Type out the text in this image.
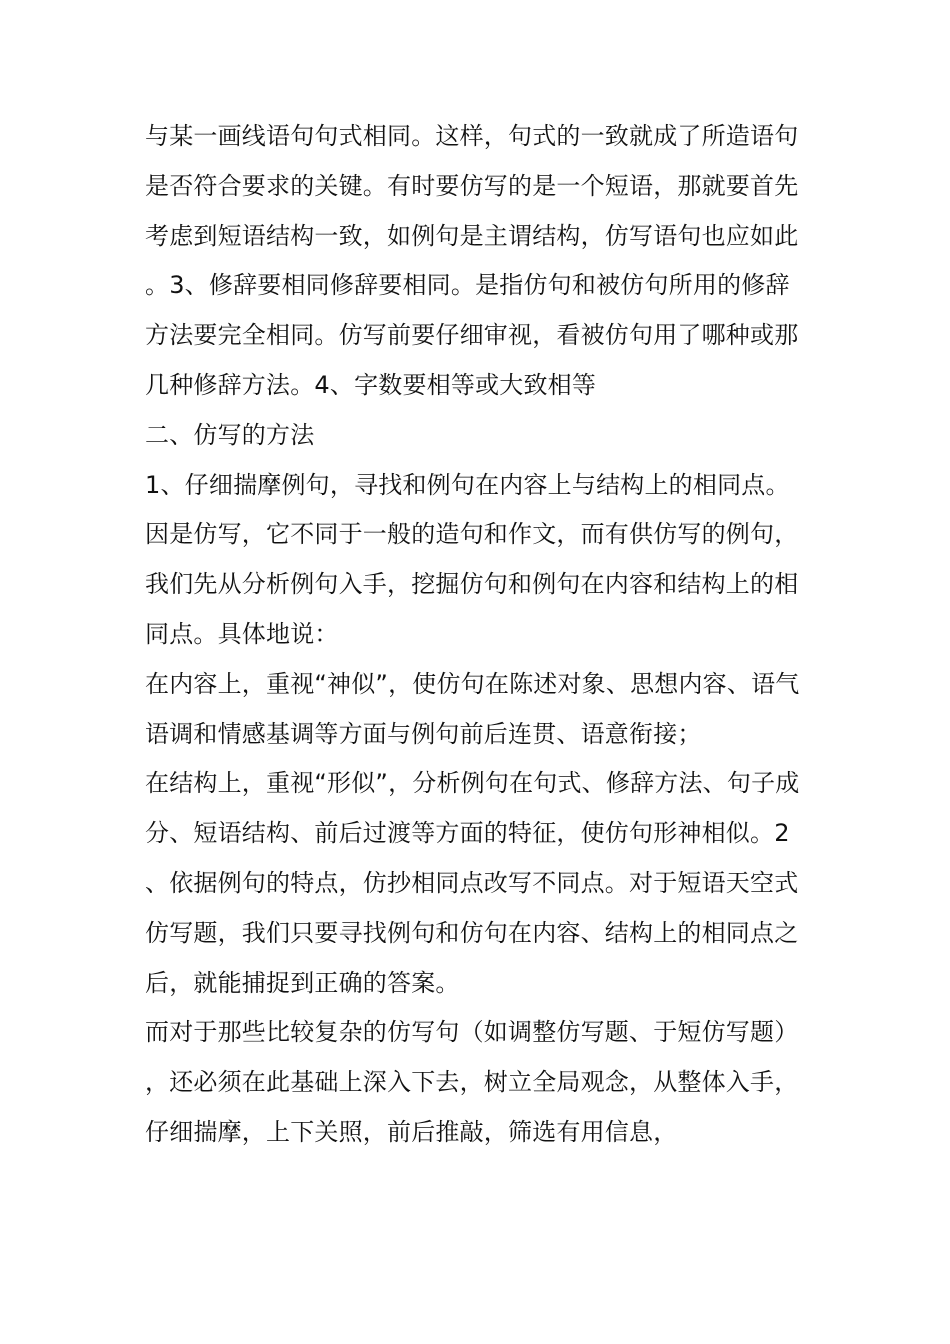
与某一画线语句句式相同。这样，句式的一致就成了所造语句是否符合要求的关键。有时要仿写的是一个短语，那就要首先考虑到短语结构一致，如例句是主谓结构，仿写语句也应如此。3、修辞要相同修辞要相同。是指仿句和被仿句所用的修辞方法要完全相同。仿写前要仔细审视，看被仿句用了哪种或那几种修辞方法。4、字数要相等或大致相等

二、仿写的方法

1、仔细揣摩例句，寻找和例句在内容上与结构上的相同点。因是仿写，它不同于一般的造句和作文，而有供仿写的例句，我们先从分析例句入手，挖掘仿句和例句在内容和结构上的相同点。具体地说：

在内容上，重视“神似”，使仿句在陈述对象、思想内容、语气语调和情感基调等方面与例句前后连贯、语意衔接；

在结构上，重视“形似”，分析例句在句式、修辞方法、句子成分、短语结构、前后过渡等方面的特征，使仿句形神相似。2、依据例句的特点，仿抄相同点改写不同点。对于短语天空式仿写题，我们只要寻找例句和仿句在内容、结构上的相同点之后，就能捕捉到正确的答案。

而对于那些比较复杂的仿写句（如调整仿写题、于短仿写题），还必须在此基础上深入下去，树立全局观念，从整体入手，仔细揣摩，上下关照，前后推敲，筛选有用信息，
